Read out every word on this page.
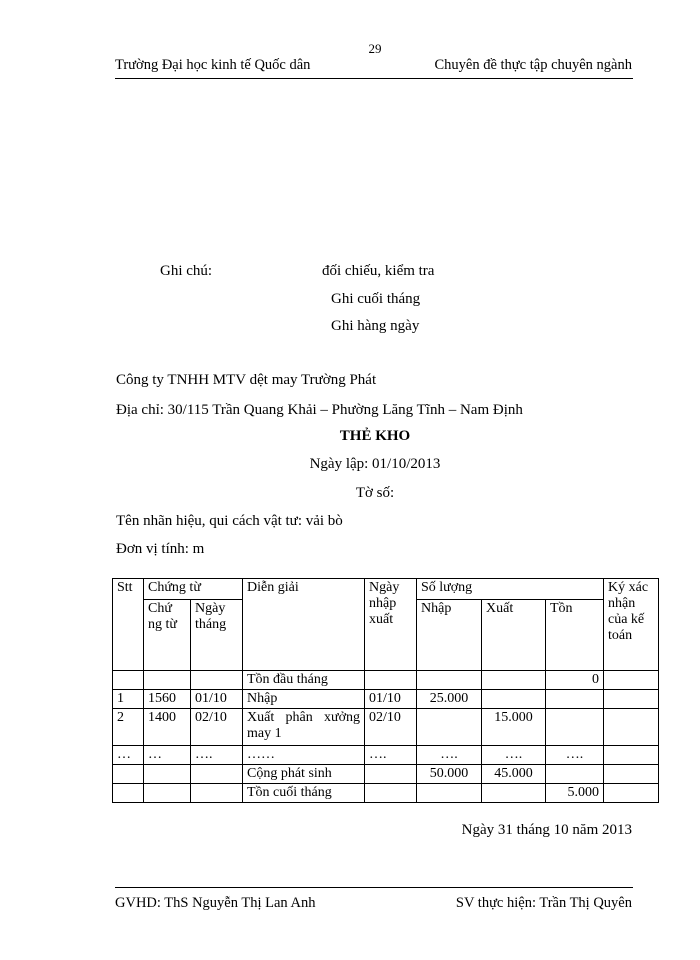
29
Trường Đại học kinh tế Quốc dân	Chuyên đề thực tập chuyên ngành
Ghi chú:	đối chiếu, kiểm tra
Ghi cuối tháng
Ghi hàng ngày
Công ty TNHH MTV dệt may Trường Phát
Địa chỉ: 30/115 Trần Quang Khải – Phường Lăng Tĩnh – Nam Định
THẺ KHO
Ngày lập: 01/10/2013
Tờ số:
Tên nhãn hiệu, qui cách vật tư: vải bò
Đơn vị tính: m
Stt	Chứng từ		Diễn giải	Ngày nhập xuất	Số lượng			Ký xác nhận của kế toán
	Chứ ng từ	Ngày tháng			Nhập	Xuất	Tồn	
			Tồn đầu tháng				0	
1	1560	01/10	Nhập	01/10	25.000			
2	1400	02/10	Xuất phân xưởng may 1	02/10		15.000		
…	…	….	……	….	….	….	….	
			Cộng phát sinh		50.000	45.000		
			Tồn cuối tháng				5.000	
Ngày 31 tháng 10 năm 2013
GVHD: ThS Nguyễn Thị Lan Anh	SV thực hiện: Trần Thị Quyên
